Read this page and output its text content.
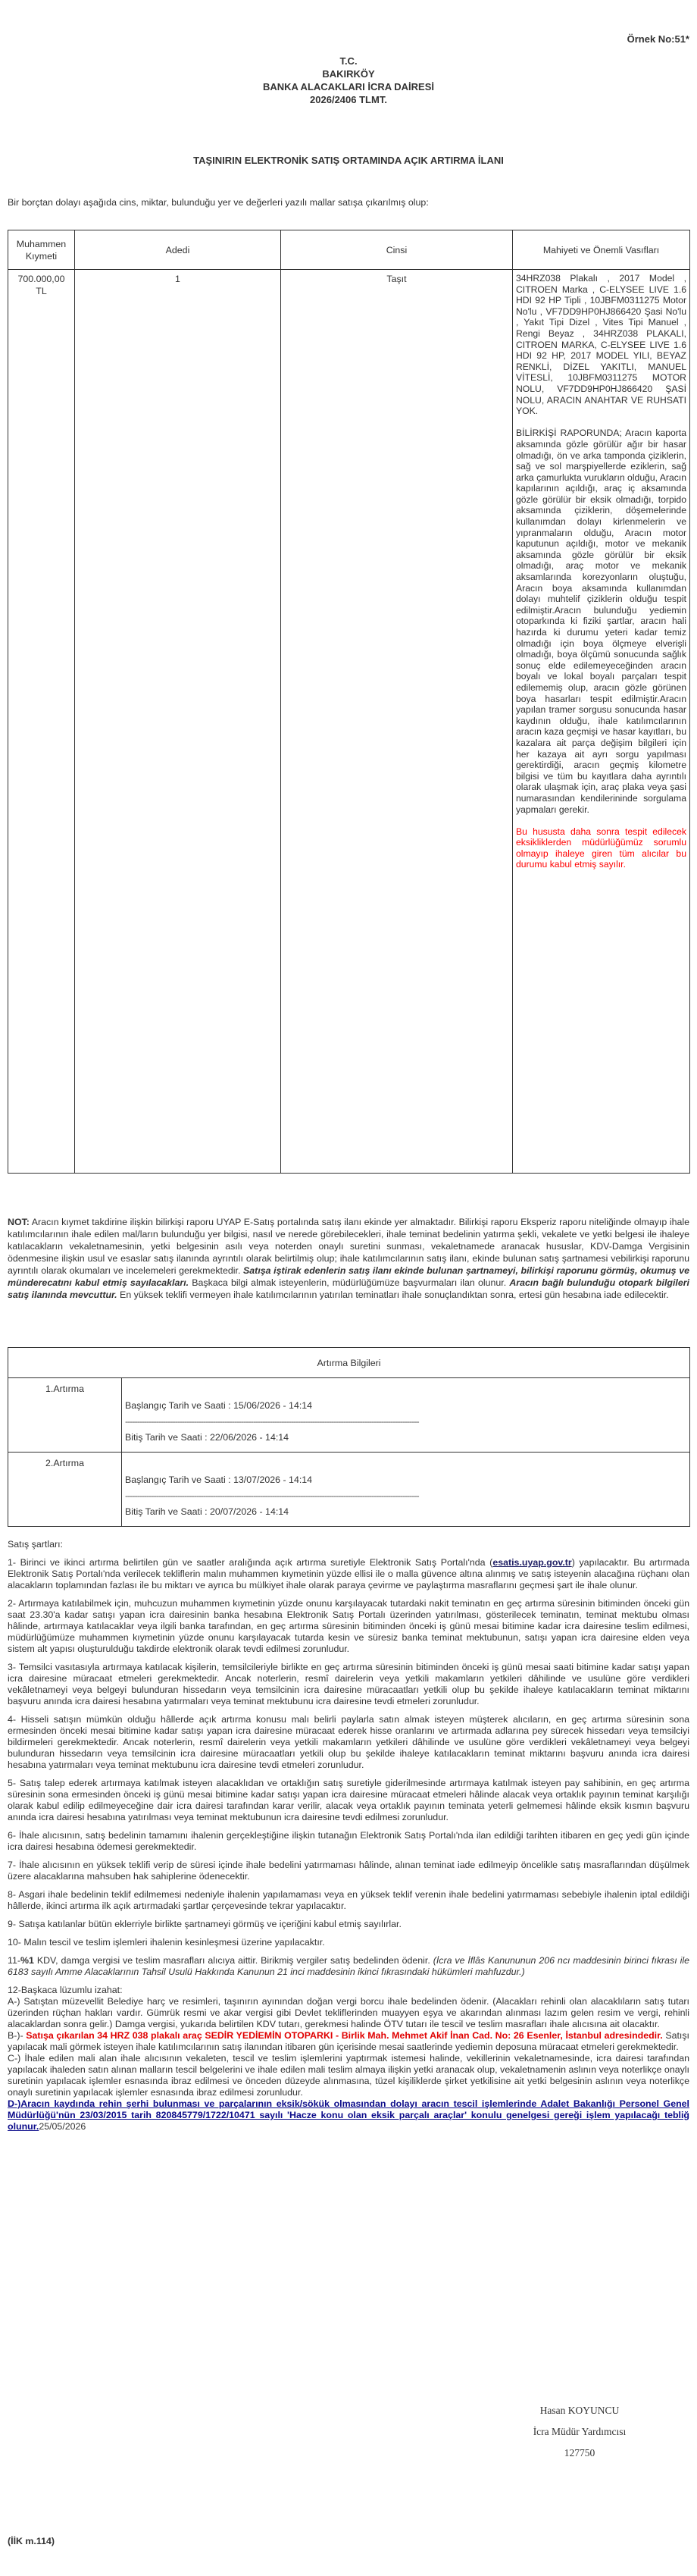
Örnek No:51*
T.C.
BAKIRKÖY
BANKA ALACAKLARI İCRA DAİRESİ
2026/2406 TLMT.
TAŞINIRIN ELEKTRONİK SATIŞ ORTAMINDA AÇIK ARTIRMA İLANI
Bir borçtan dolayı aşağıda cins, miktar, bulunduğu yer ve değerleri yazılı mallar satışa çıkarılmış olup:
Muhammen Kıymeti	Adedi	Cinsi	Mahiyeti ve Önemli Vasıfları
700.000,00 TL	1	Taşıt	34HRZ038 Plakalı , 2017 Model , CITROEN Marka , C-ELYSEE LIVE 1.6 HDI 92 HP Tipli , 10JBFM0311275 Motor No'lu , VF7DD9HP0HJ866420 Şasi No'lu , Yakıt Tipi Dizel , Vites Tipi Manuel , Rengi Beyaz , 34HRZ038 PLAKALI, CITROEN MARKA, C-ELYSEE LIVE 1.6 HDI 92 HP, 2017 MODEL YILI, BEYAZ RENKLİ, DİZEL YAKITLI, MANUEL VİTESLİ, 10JBFM0311275 MOTOR NOLU, VF7DD9HP0HJ866420 ŞASİ NOLU, ARACIN ANAHTAR VE RUHSATI YOK.

BİLİRKİŞİ RAPORUNDA; Aracın kaporta aksamında gözle görülür ağır bir hasar olmadığı, ön ve arka tamponda çiziklerin, sağ ve sol marşpiyellerde eziklerin, sağ arka çamurlukta vurukların olduğu, Aracın kapılarının açıldığı, araç iç aksamında gözle görülür bir eksik olmadığı, torpido aksamında çiziklerin, döşemelerinde kullanımdan dolayı kirlenmelerin ve yıpranmaların olduğu, Aracın motor kaputunun açıldığı, motor ve mekanik aksamında gözle görülür bir eksik olmadığı, araç motor ve mekanik aksamlarında korezyonların oluştuğu, Aracın boya aksamında kullanımdan dolayı muhtelif çiziklerin olduğu tespit edilmiştir.Aracın bulunduğu yediemin otoparkında ki fiziki şartlar, aracın hali hazırda ki durumu yeteri kadar temiz olmadığı için boya ölçmeye elverişli olmadığı, boya ölçümü sonucunda sağlık sonuç elde edilemeyeceğinden aracın boyalı ve lokal boyalı parçaları tespit edilememiş olup, aracın gözle görünen boya hasarları tespit edilmiştir.Aracın yapılan tramer sorgusu sonucunda hasar kaydının olduğu, ihale katılımcılarının aracın kaza geçmişi ve hasar kayıtları, bu kazalara ait parça değişim bilgileri için her kazaya ait ayrı sorgu yapılması gerektirdiği, aracın geçmiş kilometre bilgisi ve tüm bu kayıtlara daha ayrıntılı olarak ulaşmak için, araç plaka veya şasi numarasından kendilerininde sorgulama yapmaları gerekir.

Bu hususta daha sonra tespit edilecek eksikliklerden müdürlüğümüz sorumlu olmayıp ihaleye giren tüm alıcılar bu durumu kabul etmiş sayılır.

NOT: Aracın kıymet takdirine ilişkin bilirkişi raporu UYAP E-Satış portalında satış ilanı ekinde yer almaktadır. Bilirkişi raporu Eksperiz raporu niteliğinde olmayıp ihale katılımcılarının ihale edilen mal/ların bulunduğu yer bilgisi, nasıl ve nerede görebilecekleri, ihale teminat bedelinin yatırma şekli, vekalete ve yetki belgesi ile ihaleye katılacakların vekaletnamesinin, yetki belgesinin asılı veya noterden onaylı suretini sunması, vekaletnamede aranacak hususlar, KDV-Damga Vergisinin ödenmesine ilişkin usul ve esaslar satış ilanında ayrıntılı olarak belirtilmiş olup; ihale katılımcılarının satış ilanı, ekinde bulunan satış şartnamesi vebilirkişi raporunu ayrıntılı olarak okumaları ve incelemeleri gerekmektedir. Satışa iştirak edenlerin satış ilanı ekinde bulunan şartnameyi, bilirkişi raporunu görmüş, okumuş ve münderecatını kabul etmiş sayılacakları. Başkaca bilgi almak isteyenlerin, müdürlüğümüze başvurmaları ilan olunur. Aracın bağlı bulunduğu otopark bilgileri satış ilanında mevcuttur. En yüksek teklifi vermeyen ihale katılımcılarının yatırılan teminatları ihale sonuçlandıktan sonra, ertesi gün hesabına iade edilecektir.
Artırma Bilgileri	
1.Artırma	Başlangıç Tarih ve Saati : 15/06/2026 - 14:14
----------------------------------------------------------------------------------------------------------------------------
Bitiş Tarih ve Saati : 22/06/2026 - 14:14

2.Artırma	Başlangıç Tarih ve Saati : 13/07/2026 - 14:14
----------------------------------------------------------------------------------------------------------------------------
Bitiş Tarih ve Saati : 20/07/2026 - 14:14

Satış şartları:

1- Birinci ve ikinci artırma belirtilen gün ve saatler aralığında açık artırma suretiyle Elektronik Satış Portalı'nda (esatis.uyap.gov.tr) yapılacaktır. Bu artırmada Elektronik Satış Portalı'nda verilecek tekliflerin malın muhammen kıymetinin yüzde ellisi ile o malla güvence altına alınmış ve satış isteyenin alacağına rüçhanı olan alacakların toplamından fazlası ile bu miktarı ve ayrıca bu mülkiyet ihale olarak paraya çevirme ve paylaştırma masraflarını geçmesi şart ile ihale olunur.

2- Artırmaya katılabilmek için, muhcuzun muhammen kıymetinin yüzde onunu karşılayacak tutardaki nakit teminatın en geç artırma süresinin bitiminden önceki gün saat 23.30'a kadar satışı yapan icra dairesinin banka hesabına Elektronik Satış Portalı üzerinden yatırılması, gösterilecek teminatın, teminat mektubu olması hâlinde, artırmaya katılacaklar veya ilgili banka tarafından, en geç artırma süresinin bitiminden önceki iş günü mesai bitimine kadar icra dairesine teslim edilmesi, müdürlüğümüze muhammen kıymetinin yüzde onunu karşılayacak tutarda kesin ve süresiz banka teminat mektubunun, satışı yapan icra dairesine elden veya sistem alt yapısı oluşturulduğu takdirde elektronik olarak tevdi edilmesi zorunludur.

3- Temsilci vasıtasıyla artırmaya katılacak kişilerin, temsilcileriyle birlikte en geç artırma süresinin bitiminden önceki iş günü mesai saati bitimine kadar satışı yapan icra dairesine müracaat etmeleri gerekmektedir. Ancak noterlerin, resmî dairelerin veya yetkili makamların yetkileri dâhilinde ve usulüne göre verdikleri vekâletnameyi veya belgeyi bulunduran hissedarın veya temsilcinin icra dairesine müracaatları yetkili olup bu şekilde ihaleye katılacakların teminat miktarını başvuru anında icra dairesi hesabına yatırmaları veya teminat mektubunu icra dairesine tevdi etmeleri zorunludur.

4- Hisseli satışın mümkün olduğu hâllerde açık artırma konusu malı belirli paylarla satın almak isteyen müşterek alıcıların, en geç artırma süresinin sona ermesinden önceki mesai bitimine kadar satışı yapan icra dairesine müracaat ederek hisse oranlarını ve artırmada adlarına pey sürecek hissedarı veya temsilciyi bildirmeleri gerekmektedir. Ancak noterlerin, resmî dairelerin veya yetkili makamların yetkileri dâhilinde ve usulüne göre verdikleri vekâletnameyi veya belgeyi bulunduran hissedarın veya temsilcinin icra dairesine müracaatları yetkili olup bu şekilde ihaleye katılacakların teminat miktarını başvuru anında icra dairesi hesabına yatırmaları veya teminat mektubunu icra dairesine tevdi etmeleri zorunludur.

5- Satış talep ederek artırmaya katılmak isteyen alacaklıdan ve ortaklığın satış suretiyle giderilmesinde artırmaya katılmak isteyen pay sahibinin, en geç artırma süresinin sona ermesinden önceki iş günü mesai bitimine kadar satışı yapan icra dairesine müracaat etmeleri hâlinde alacak veya ortaklık payının teminat karşılığı olarak kabul edilip edilmeyeceğine dair icra dairesi tarafından karar verilir, alacak veya ortaklık payının teminata yeterli gelmemesi hâlinde eksik kısmın başvuru anında icra dairesi hesabına yatırılması veya teminat mektubunun icra dairesine tevdi edilmesi zorunludur.

6- İhale alıcısının, satış bedelinin tamamını ihalenin gerçekleştiğine ilişkin tutanağın Elektronik Satış Portalı'nda ilan edildiği tarihten itibaren en geç yedi gün içinde icra dairesi hesabına ödemesi gerekmektedir.

7- İhale alıcısının en yüksek teklifi verip de süresi içinde ihale bedelini yatırmaması hâlinde, alınan teminat iade edilmeyip öncelikle satış masraflarından düşülmek üzere alacaklarına mahsuben hak sahiplerine ödenecektir.

8- Asgari ihale bedelinin teklif edilmemesi nedeniyle ihalenin yapılamaması veya en yüksek teklif verenin ihale bedelini yatırmaması sebebiyle ihalenin iptal edildiği hâllerde, ikinci artırma ilk açık artırmadaki şartlar çerçevesinde tekrar yapılacaktır.

9- Satışa katılanlar bütün eklerriyle birlikte şartnameyi görmüş ve içeriğini kabul etmiş sayılırlar.

10- Malın tescil ve teslim işlemleri ihalenin kesinleşmesi üzerine yapılacaktır.

11-%1 KDV, damga vergisi ve teslim masrafları alıcıya aittir. Birikmiş vergiler satış bedelinden ödenir. (İcra ve İflâs Kanununun 206 ncı maddesinin birinci fıkrası ile 6183 sayılı Amme Alacaklarının Tahsil Usulü Hakkında Kanunun 21 inci maddesinin ikinci fıkrasındaki hükümleri mahfuzdur.)

12-Başkaca lüzumlu izahat:

A-) Satıştan müzevellit Belediye harç ve resimleri, taşınırın ayınından doğan vergi borcu ihale bedelinden ödenir. (Alacakları rehinli olan alacaklıların satış tutarı üzerinden rüçhan hakları vardır. Gümrük resmi ve akar vergisi gibi Devlet tekliflerinden muayyen eşya ve akarından alınması lazım gelen resim ve vergi, rehinli alacaklardan sonra gelir.) Damga vergisi, yukarıda belirtilen KDV tutarı, gerekmesi halinde ÖTV tutarı ile tescil ve teslim masrafları ihale alıcısına ait olacaktır.

B-)- Satışa çıkarılan 34 HRZ 038 plakalı araç SEDİR YEDİEMİN OTOPARKI - Birlik Mah. Mehmet Akif İnan Cad. No: 26 Esenler, İstanbul adresindedir. Satışı yapılacak mali görmek isteyen ihale katılımcılarının satış ilanından itibaren gün içerisinde mesai saatlerinde yediemin deposuna müracaat etmeleri gerekmektedir.

C-) İhale edilen mali alan ihale alıcısının vekaleten, tescil ve teslim işlemlerini yaptırmak istemesi halinde, vekillerinin vekaletnamesinde, icra dairesi tarafından yapılacak ihaleden satın alınan malların tescil belgelerini ve ihale edilen mali teslim almaya ilişkin yetki aranacak olup, vekaletnamenin aslının veya noterlikçe onaylı suretinin yapılacak işlemler esnasında ibraz edilmesi ve önceden düzeyde alınmasına, tüzel kişiliklerde şirket yetkilisine ait yetki belgesinin aslının veya noterlikçe onaylı suretinin yapılacak işlemler esnasında ibraz edilmesi zorunludur.

D-)Aracın kaydında rehin şerhi bulunması ve parçalarının eksik/sökük olmasından dolayı aracın tescil işlemlerinde Adalet Bakanlığı Personel Genel Müdürlüğü'nün 23/03/2015 tarih 820845779/1722/10471 sayılı 'Hacze konu olan eksik parçalı araçlar' konulu genelgesi gereği işlem yapılacağı tebliğ olunur.25/05/2026

Hasan KOYUNCU
İcra Müdür Yardımcısı
127750
(İİK m.114)
